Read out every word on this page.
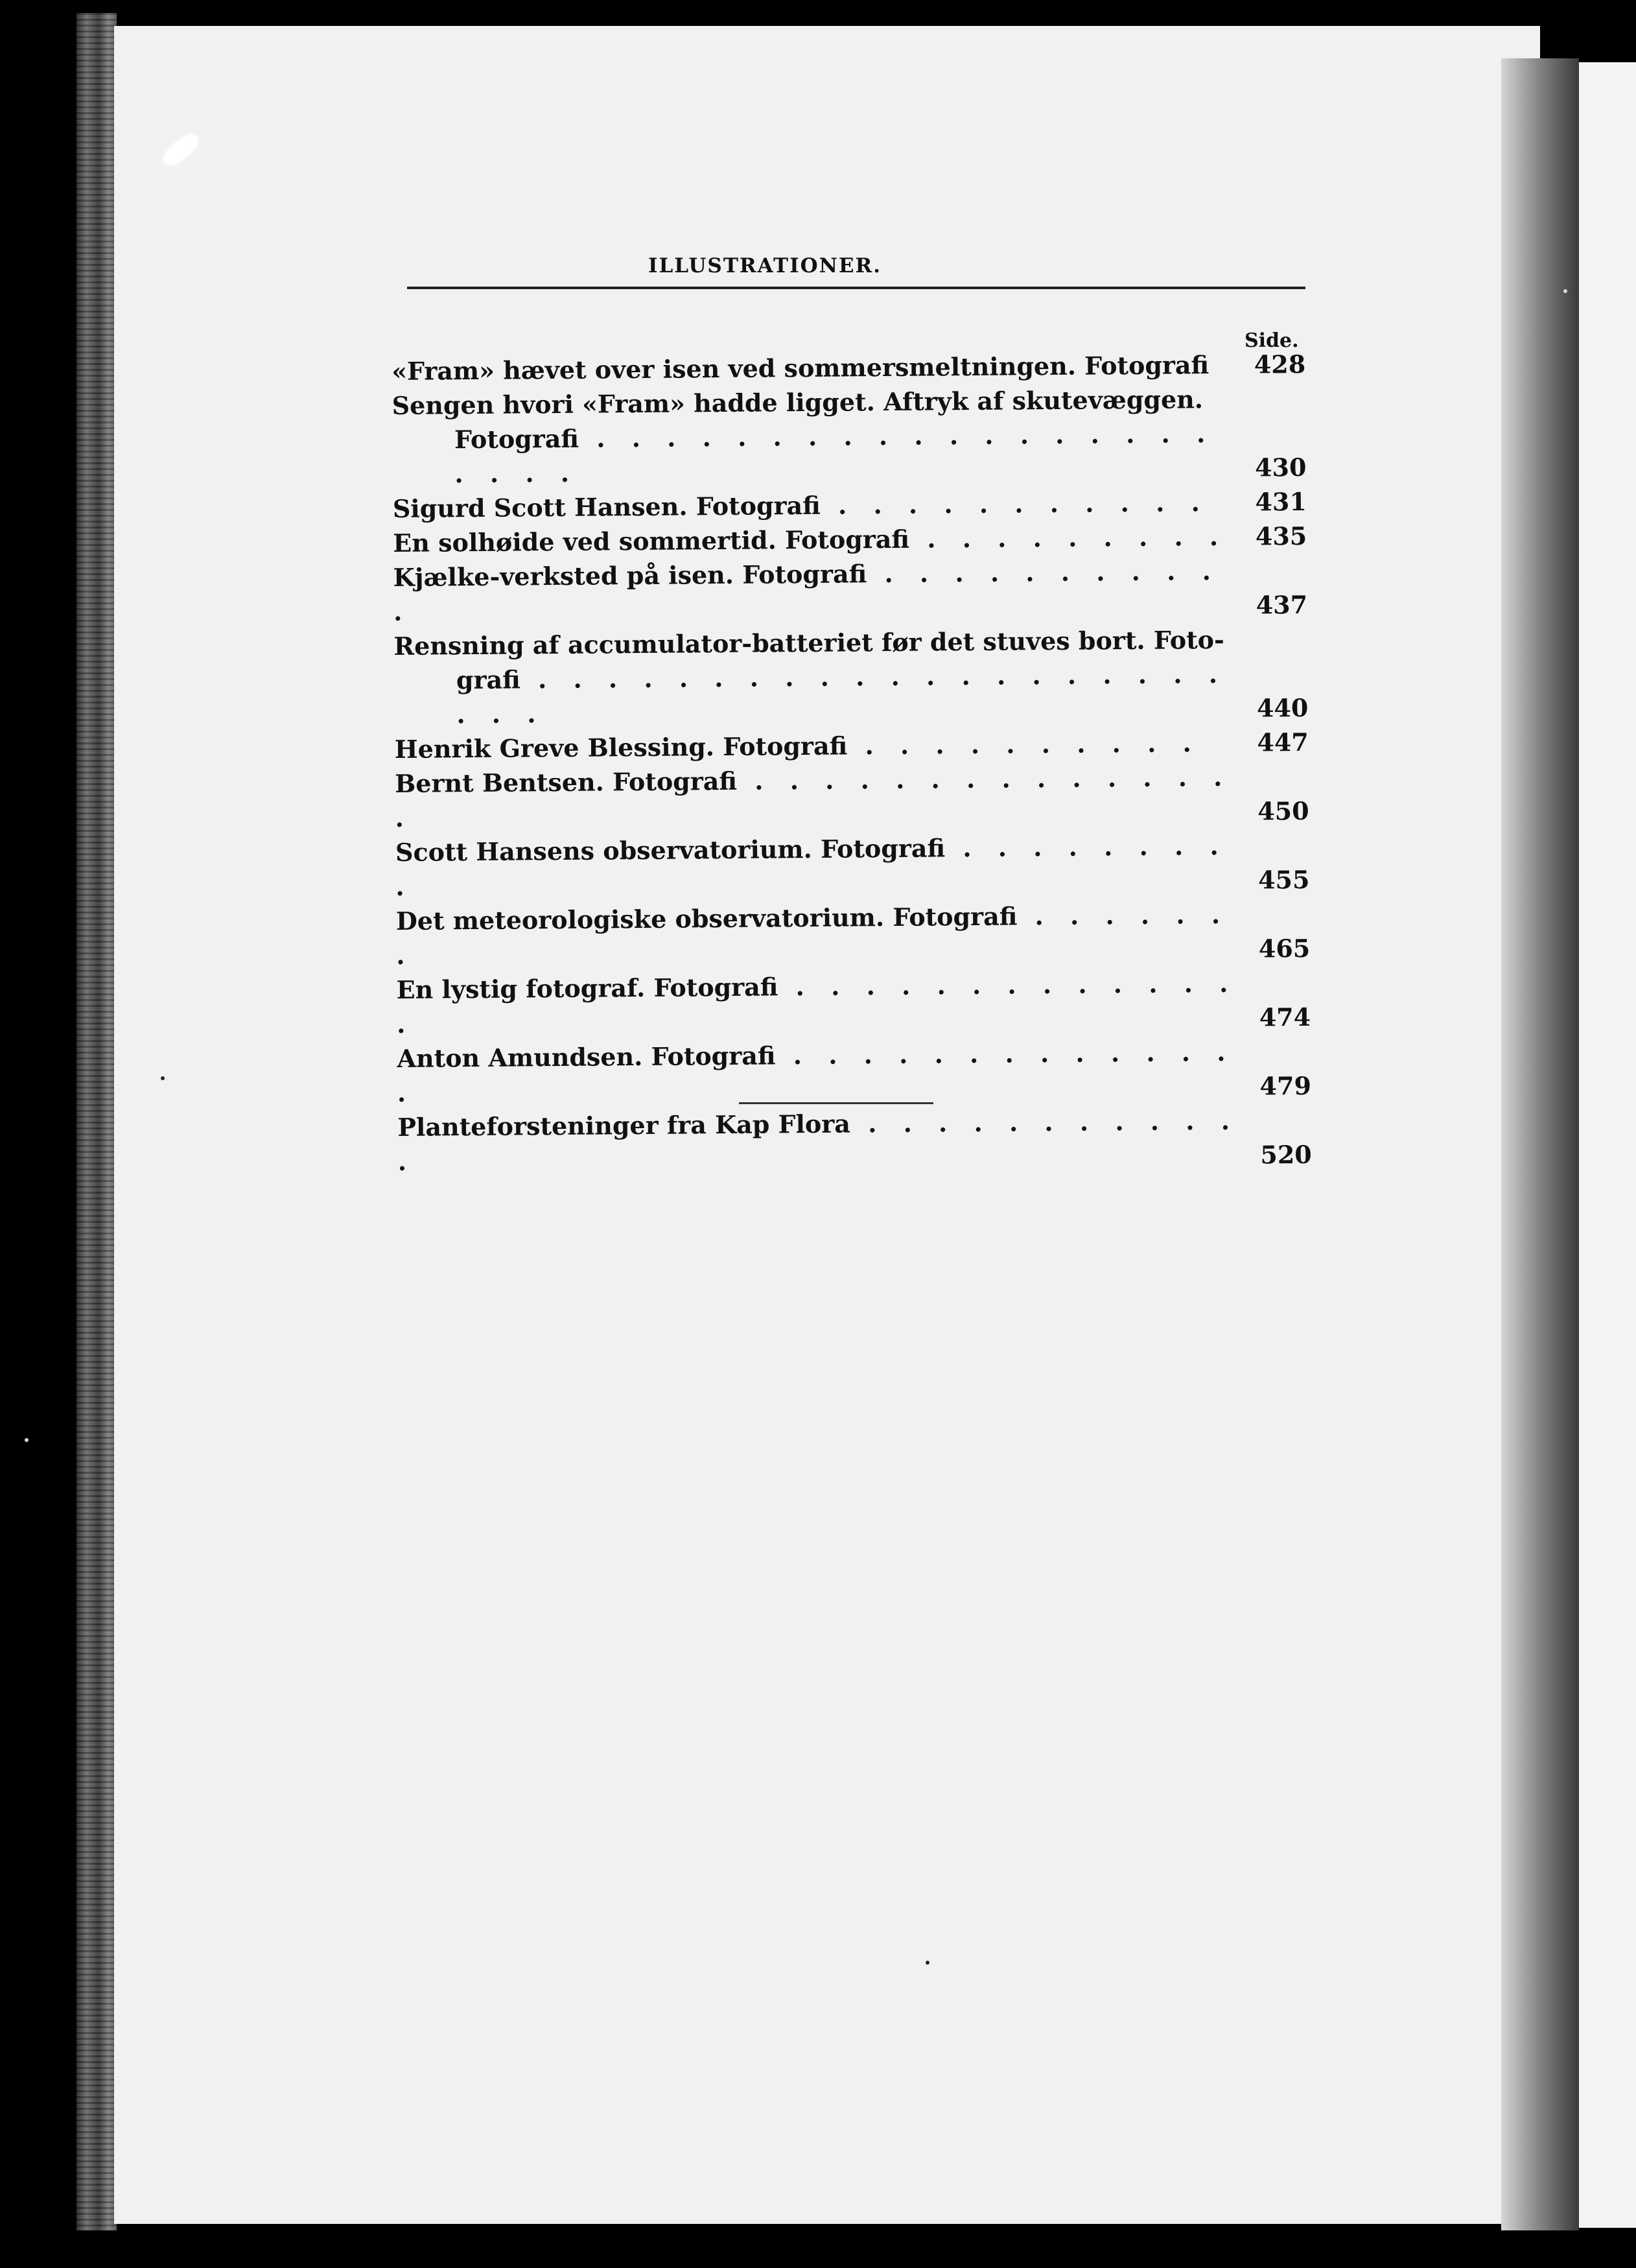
ILLUSTRATIONER.
Side.
«Fram» hævet over isen ved sommersmeltningen. Fotografi	428
Sengen hvori «Fram» hadde ligget. Aftryk af skutevæggen.
Fotografi . . . . . . . . . . . . . . . . . . . . . .	430
Sigurd Scott Hansen. Fotografi . . . . . . . . . . .	431
En solhøide ved sommertid. Fotografi . . . . . . . . .	435
Kjælke-verksted på isen. Fotografi . . . . . . . . . . .	437
Rensning af accumulator-batteriet før det stuves bort. Foto-
grafi . . . . . . . . . . . . . . . . . . . . . . .	440
Henrik Greve Blessing. Fotografi . . . . . . . . . .	447
Bernt Bentsen. Fotografi . . . . . . . . . . . . . . .	450
Scott Hansens observatorium. Fotografi . . . . . . . . .	455
Det meteorologiske observatorium. Fotografi . . . . . . .	465
En lystig fotograf. Fotografi . . . . . . . . . . . . . .	474
Anton Amundsen. Fotografi . . . . . . . . . . . . . .	479
Planteforsteninger fra Kap Flora . . . . . . . . . . . .	520
